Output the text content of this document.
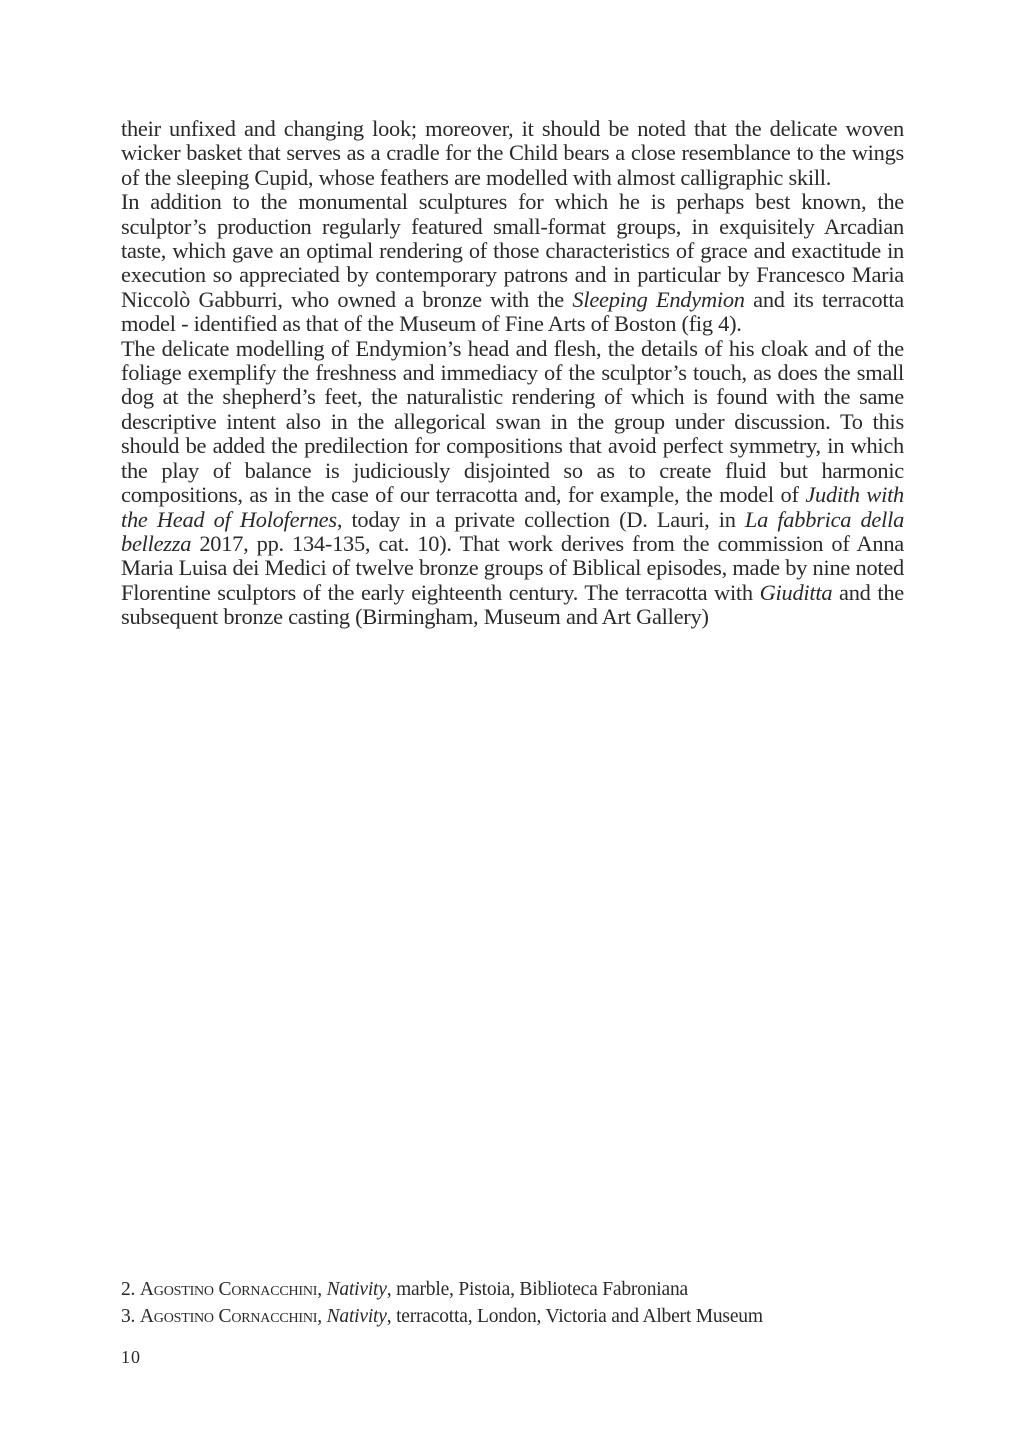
their unfixed and changing look; moreover, it should be noted that the delicate woven wicker basket that serves as a cradle for the Child bears a close resemblance to the wings of the sleeping Cupid, whose feathers are modelled with almost calligraphic skill.

In addition to the monumental sculptures for which he is perhaps best known, the sculptor’s production regularly featured small-format groups, in exquisitely Arcadian taste, which gave an optimal rendering of those characteristics of grace and exactitude in execution so appreciated by contemporary patrons and in particular by Francesco Maria Niccolò Gabburri, who owned a bronze with the Sleeping Endymion and its terracotta model - identified as that of the Museum of Fine Arts of Boston (fig 4).

The delicate modelling of Endymion’s head and flesh, the details of his cloak and of the foliage exemplify the freshness and immediacy of the sculptor’s touch, as does the small dog at the shepherd’s feet, the naturalistic rendering of which is found with the same descriptive intent also in the allegorical swan in the group under discussion. To this should be added the predilection for compositions that avoid perfect symmetry, in which the play of balance is judiciously disjointed so as to create fluid but harmonic compositions, as in the case of our terracotta and, for example, the model of Judith with the Head of Holofernes, today in a private collection (D. Lauri, in La fabbrica della bellezza 2017, pp. 134-135, cat. 10). That work derives from the commission of Anna Maria Luisa dei Medici of twelve bronze groups of Biblical episodes, made by nine noted Florentine sculptors of the early eighteenth century. The terracotta with Giuditta and the subsequent bronze casting (Birmingham, Museum and Art Gallery)

2. Agostino Cornacchini, Nativity, marble, Pistoia, Biblioteca Fabroniana
3. Agostino Cornacchini, Nativity, terracotta, London, Victoria and Albert Museum
10
